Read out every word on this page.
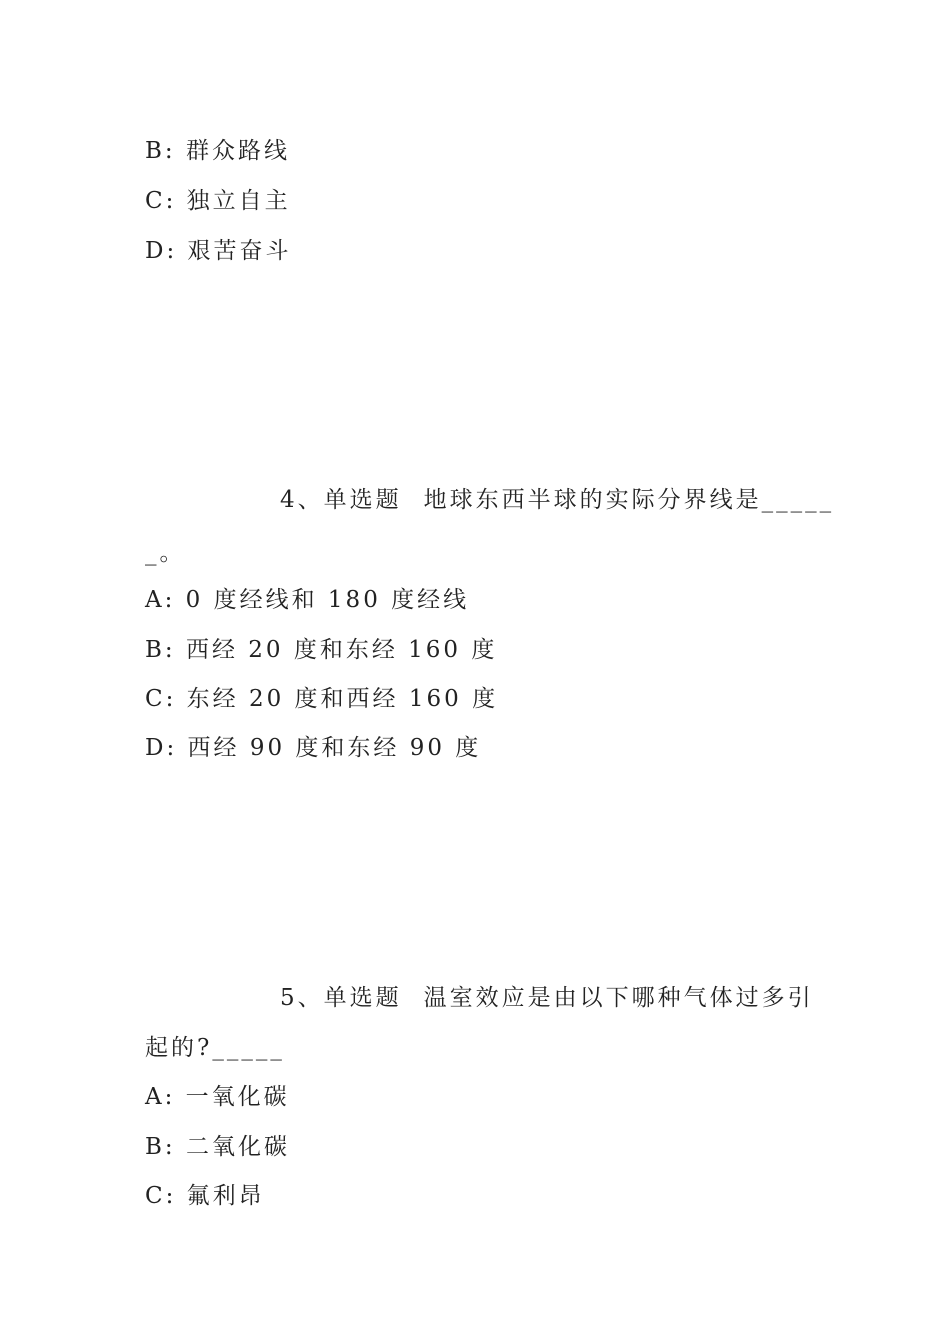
B: 群众路线
C: 独立自主
D: 艰苦奋斗
4、单选题 地球东西半球的实际分界线是_____
_。
A: 0 度经线和 180 度经线
B: 西经 20 度和东经 160 度
C: 东经 20 度和西经 160 度
D: 西经 90 度和东经 90 度
5、单选题 温室效应是由以下哪种气体过多引
起的?_____
A: 一氧化碳
B: 二氧化碳
C: 氟利昂
